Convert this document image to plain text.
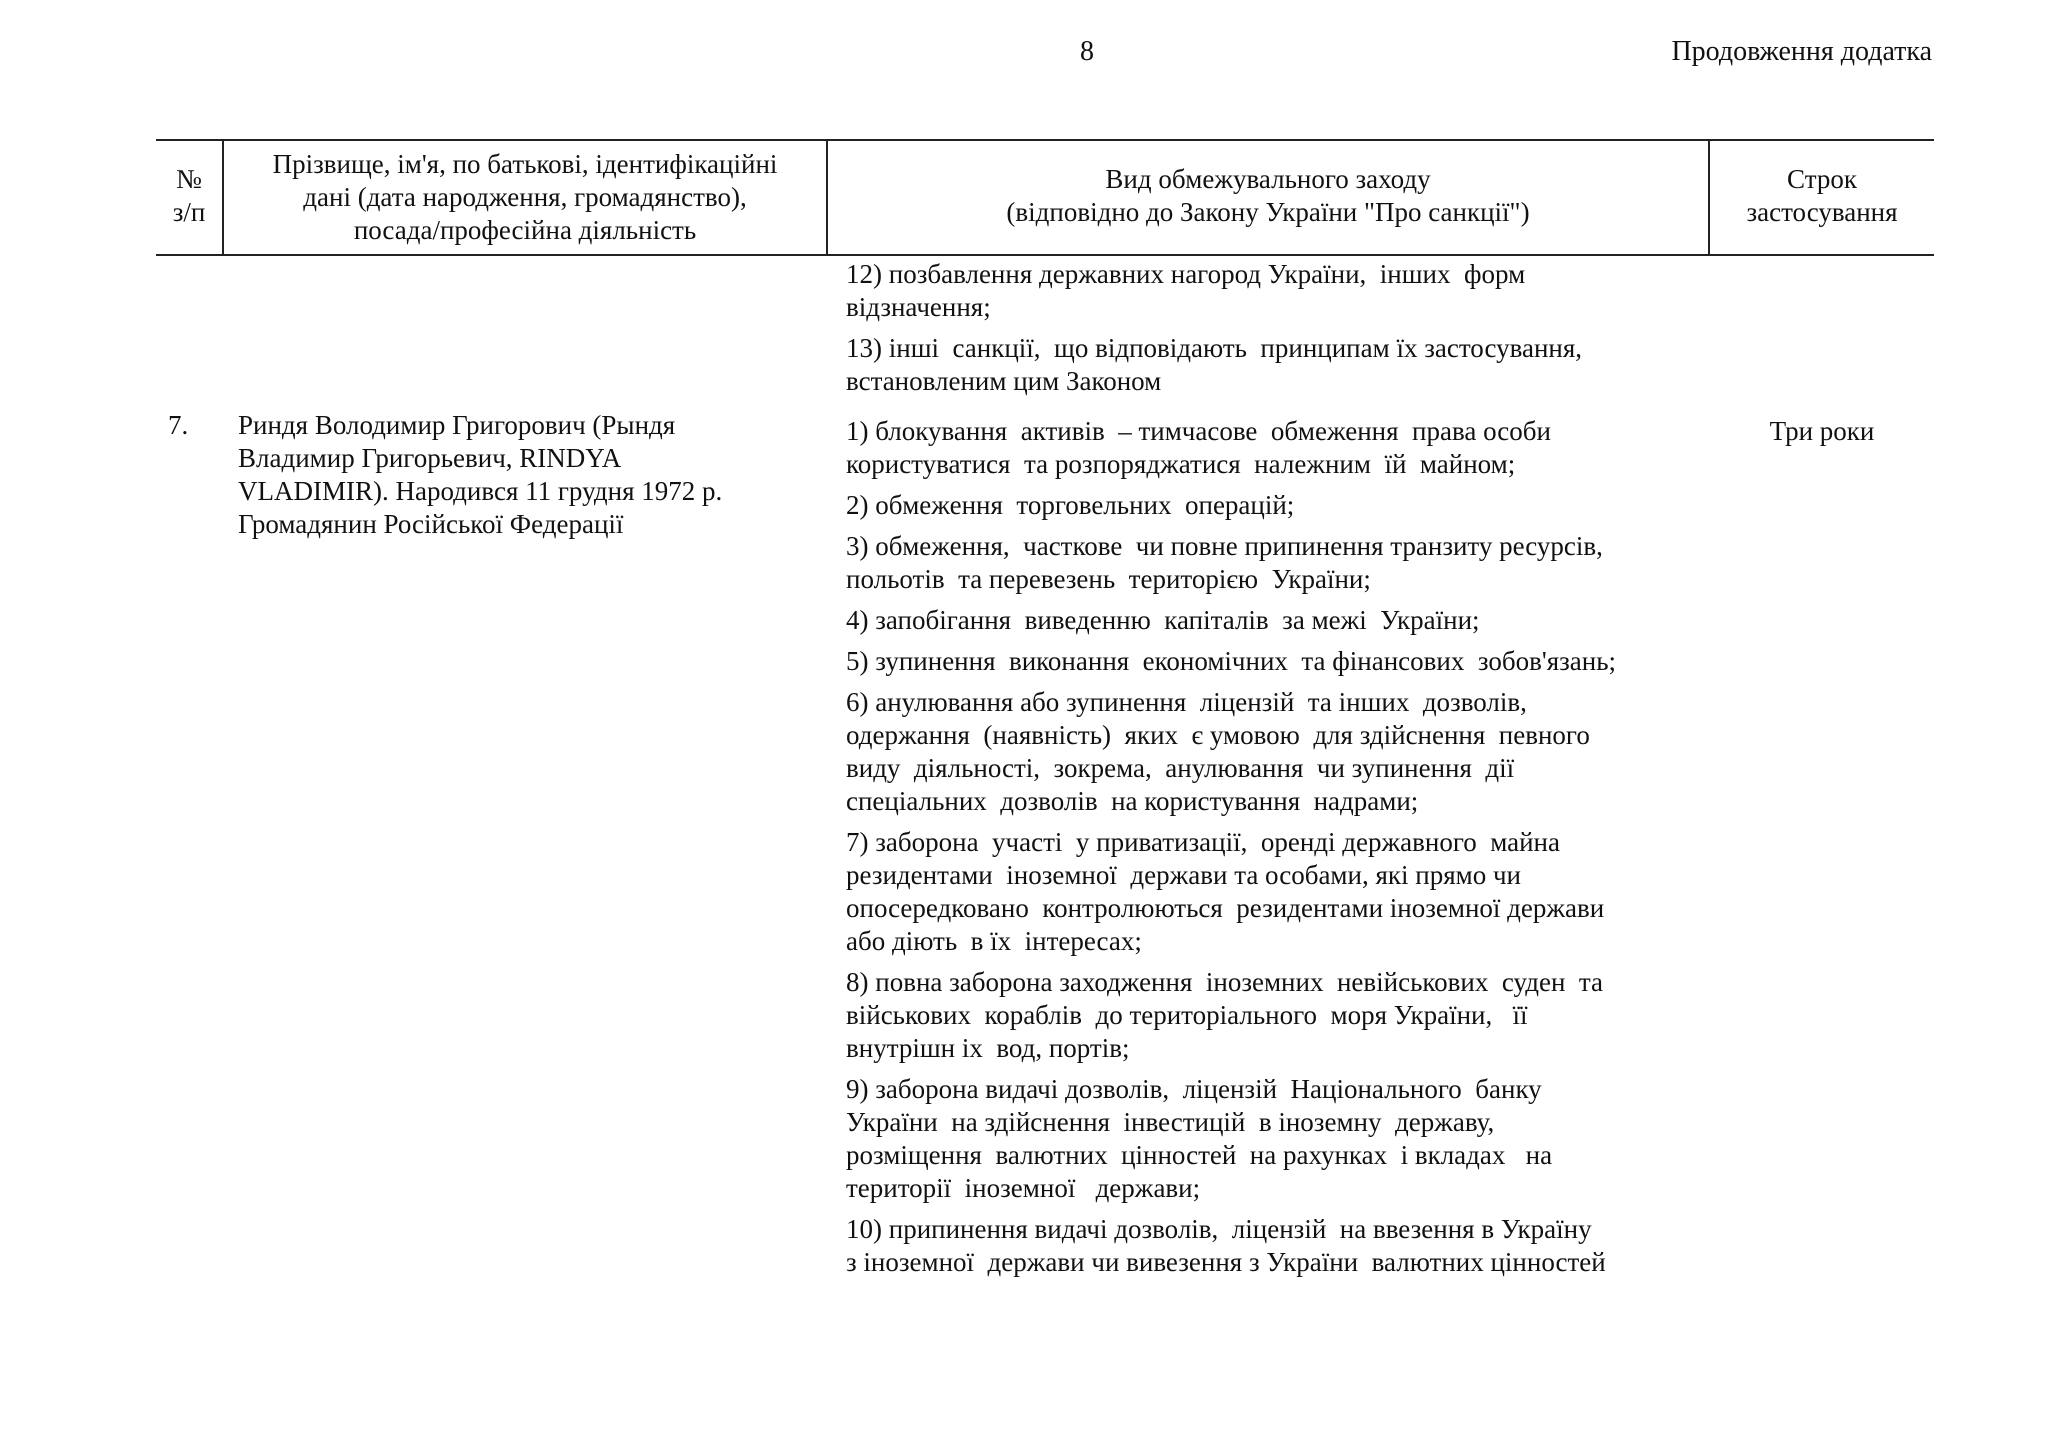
8	Продовження додатка
№
з/п
Прізвище, ім'я, по батькові, ідентифікаційні
дані (дата народження, громадянство),
посада/професійна діяльність
Вид обмежувального заходу
(відповідно до Закону України "Про санкції")
Строк
застосування
12) позбавлення державних нагород України,  інших  форм
відзначення;
13) інші  санкції,  що відповідають  принципам їх застосування,
встановленим цим Законом
7. Риндя Володимир Григорович (Рындя
Владимир Григорьевич, RINDYA
VLADIMIR). Народився 11 грудня 1972 р.
Громадянин Російської Федерації
Три роки
1) блокування  активів  – тимчасове  обмеження  права особи
користуватися  та розпоряджатися  належним  їй  майном;
2) обмеження  торговельних  операцій;
3) обмеження,  часткове  чи повне припинення транзиту ресурсів,
польотів  та перевезень  територією  України;
4) запобігання  виведенню  капіталів  за межі  України;
5) зупинення  виконання  економічних  та фінансових  зобов'язань;
6) анулювання або зупинення  ліцензій  та інших  дозволів,
одержання  (наявність)  яких  є умовою  для здійснення  певного
виду  діяльності,  зокрема,  анулювання  чи зупинення  дії
спеціальних  дозволів  на користування  надрами;
7) заборона  участі  у приватизації,  оренді державного  майна
резидентами  іноземної  держави та особами, які прямо чи
опосередковано  контролюються  резидентами іноземної держави
або діють  в їх  інтересах;
8) повна заборона заходження  іноземних  невійськових  суден  та
військових  кораблів  до територіального  моря України,   її
внутрішн іх  вод, портів;
9) заборона видачі дозволів,  ліцензій  Національного  банку
України  на здійснення  інвестицій  в іноземну  державу,
розміщення  валютних  цінностей  на рахунках  і вкладах   на
території  іноземної   держави;
10) припинення видачі дозволів,  ліцензій  на ввезення в Україну
з іноземної  держави чи вивезення з України  валютних цінностей
